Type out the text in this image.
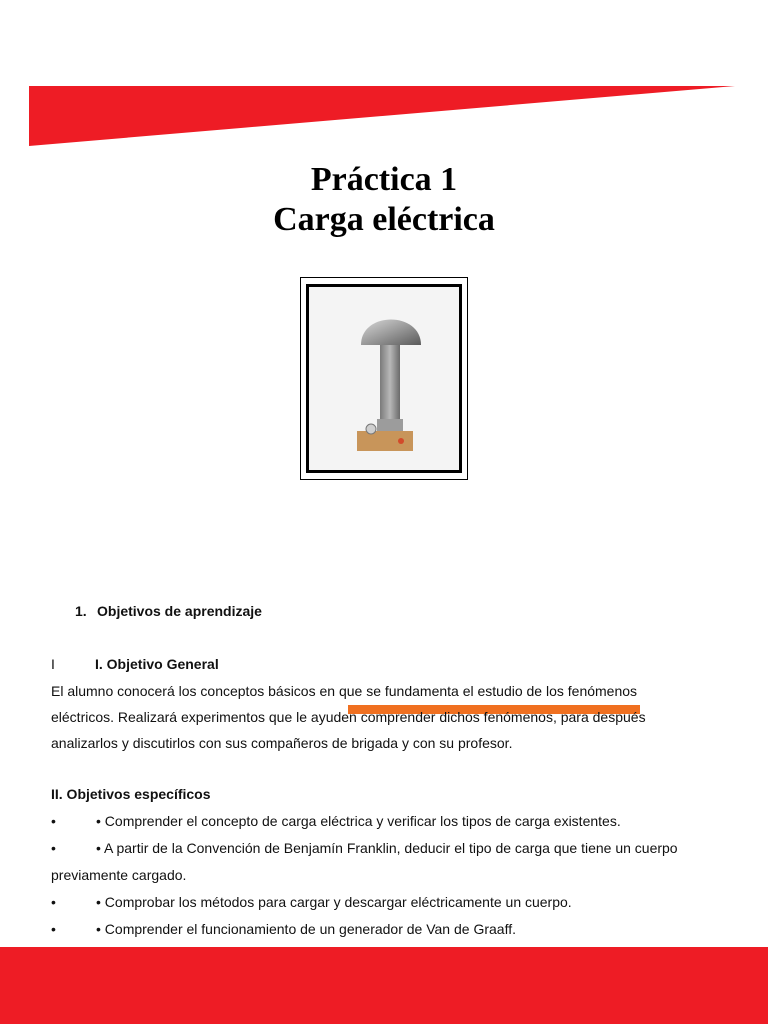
Práctica 1
Carga eléctrica
1. Objetivos de aprendizaje
I	I. Objetivo General
El alumno conocerá los conceptos básicos en que se fundamenta el estudio de los fenómenos
eléctricos. Realizará experimentos que le ayuden comprender dichos fenómenos, para después
analizarlos y discutirlos con sus compañeros de brigada y con su profesor.
II. Objetivos específicos
•	• Comprender el concepto de carga eléctrica y verificar los tipos de carga existentes.
•	• A partir de la Convención de Benjamín Franklin, deducir el tipo de carga que tiene un cuerpo
previamente cargado.
•	• Comprobar los métodos para cargar y descargar eléctricamente un cuerpo.
•	• Comprender el funcionamiento de un generador de Van de Graaff.
